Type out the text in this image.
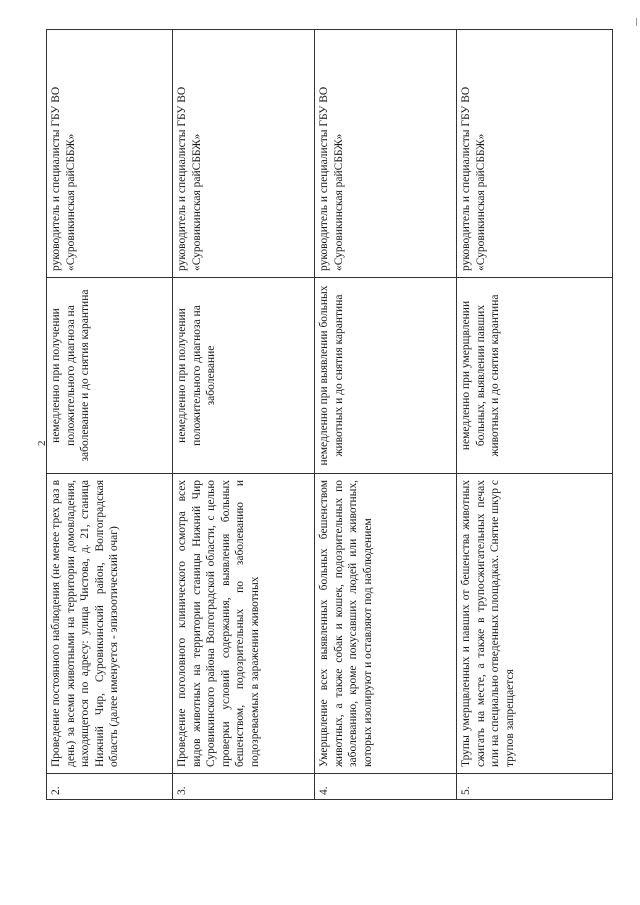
2
2.	Проведение постоянного наблюдения (не менее трех раз в день) за всеми животными на территории домовладения, находящегося по адресу: улица Чистова, д. 21, станица Нижний Чир, Суровикинский район, Волгоградская область (далее именуется - эпизоотический очаг)	немедленно при получении положительного диагноза на заболевание и до снятия карантина	руководитель и специалисты ГБУ ВО «Суровикинская райСББЖ»
3.	Проведение поголовного клинического осмотра всех видов животных на территории станицы Нижний Чир Суровикинского района Волгоградской области, с целью проверки условий содержания, выявления больных бешенством, подозрительных по заболеванию и подозреваемых в заражении животных	немедленно при получении положительного диагноза на заболевание	руководитель и специалисты ГБУ ВО «Суровикинская райСББЖ»
4.	Умерщвление всех выявленных больных бешенством животных, а также собак и кошек, подозрительных по заболеванию, кроме покусавших людей или животных, которых изолируют и оставляют под наблюдением	немедленно при выявлении больных животных и до снятия карантина	руководитель и специалисты ГБУ ВО «Суровикинская райСББЖ»
5.	Трупы умерщвленных и павших от бешенства животных сжигать на месте, а также в трупосжигательных печах или на специально отведенных площадках. Снятие шкур с трупов запрещается	немедленно при умерщвлении больных, выявлении павших животных и до снятия карантина	руководитель и специалисты ГБУ ВО «Суровикинская райСББЖ»
